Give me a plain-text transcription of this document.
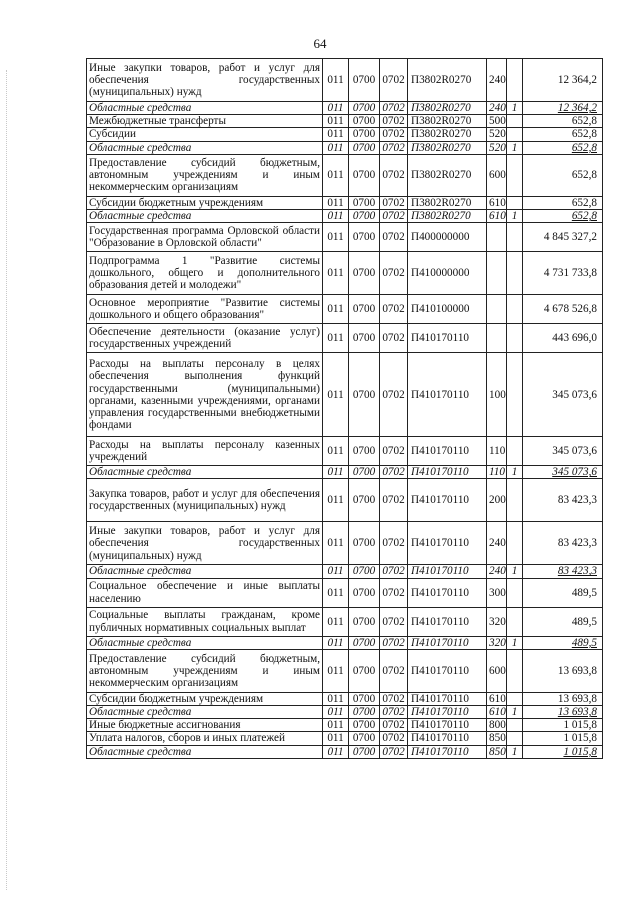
64
Иные закупки товаров, работ и услуг для обеспечения государственных (муниципальных) нужд	011	0700	0702	П3802R0270	240		12 364,2
Областные средства	011	0700	0702	П3802R0270	240	1	12 364,2
Межбюджетные трансферты	011	0700	0702	П3802R0270	500		652,8
Субсидии	011	0700	0702	П3802R0270	520		652,8
Областные средства	011	0700	0702	П3802R0270	520	1	652,8
Предоставление субсидий бюджетным, автономным учреждениям и иным некоммерческим организациям	011	0700	0702	П3802R0270	600		652,8
Субсидии бюджетным учреждениям	011	0700	0702	П3802R0270	610		652,8
Областные средства	011	0700	0702	П3802R0270	610	1	652,8
Государственная программа Орловской области "Образование в Орловской области"	011	0700	0702	П400000000			4 845 327,2
Подпрограмма 1 "Развитие системы дошкольного, общего и дополнительного образования детей и молодежи"	011	0700	0702	П410000000			4 731 733,8
Основное мероприятие "Развитие системы дошкольного и общего образования"	011	0700	0702	П410100000			4 678 526,8
Обеспечение деятельности (оказание услуг) государственных учреждений	011	0700	0702	П410170110			443 696,0
Расходы на выплаты персоналу в целях обеспечения выполнения функций государственными (муниципальными) органами, казенными учреждениями, органами управления государственными внебюджетными фондами	011	0700	0702	П410170110	100		345 073,6
Расходы на выплаты персоналу казенных учреждений	011	0700	0702	П410170110	110		345 073,6
Областные средства	011	0700	0702	П410170110	110	1	345 073,6
Закупка товаров, работ и услуг для обеспечения государственных (муниципальных) нужд	011	0700	0702	П410170110	200		83 423,3
Иные закупки товаров, работ и услуг для обеспечения государственных (муниципальных) нужд	011	0700	0702	П410170110	240		83 423,3
Областные средства	011	0700	0702	П410170110	240	1	83 423,3
Социальное обеспечение и иные выплаты населению	011	0700	0702	П410170110	300		489,5
Социальные выплаты гражданам, кроме публичных нормативных социальных выплат	011	0700	0702	П410170110	320		489,5
Областные средства	011	0700	0702	П410170110	320	1	489,5
Предоставление субсидий бюджетным, автономным учреждениям и иным некоммерческим организациям	011	0700	0702	П410170110	600		13 693,8
Субсидии бюджетным учреждениям	011	0700	0702	П410170110	610		13 693,8
Областные средства	011	0700	0702	П410170110	610	1	13 693,8
Иные бюджетные ассигнования	011	0700	0702	П410170110	800		1 015,8
Уплата налогов, сборов и иных платежей	011	0700	0702	П410170110	850		1 015,8
Областные средства	011	0700	0702	П410170110	850	1	1 015,8
